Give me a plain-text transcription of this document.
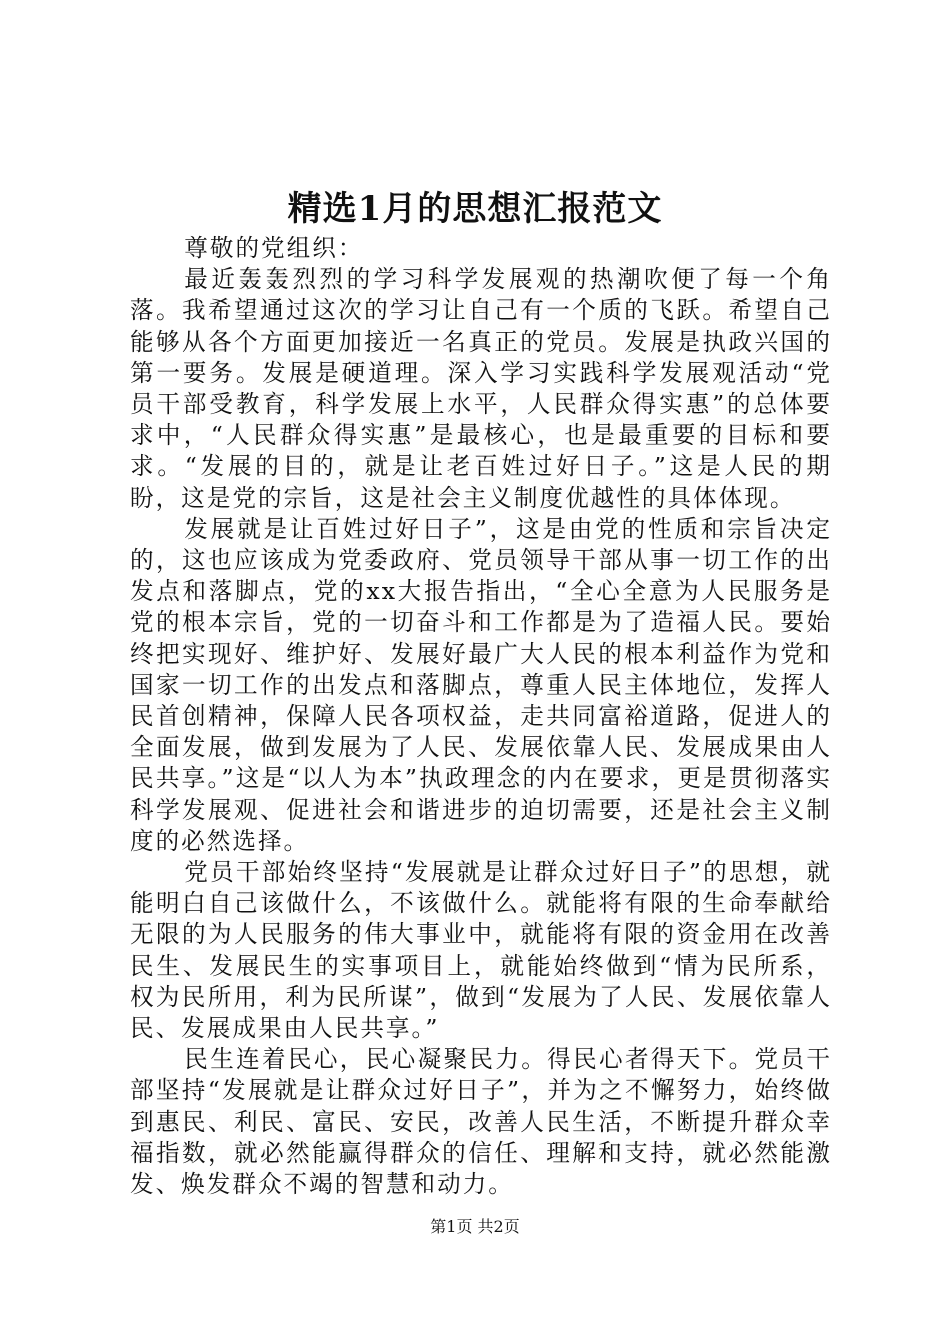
精选1月的思想汇报范文

尊敬的党组织：

最近轰轰烈烈的学习科学发展观的热潮吹便了每一个角落。我希望通过这次的学习让自己有一个质的飞跃。希望自己能够从各个方面更加接近一名真正的党员。发展是执政兴国的第一要务。发展是硬道理。深入学习实践科学发展观活动“党员干部受教育，科学发展上水平，人民群众得实惠”的总体要求中，“人民群众得实惠”是最核心，也是最重要的目标和要求。“发展的目的，就是让老百姓过好日子。”这是人民的期盼，这是党的宗旨，这是社会主义制度优越性的具体体现。

发展就是让百姓过好日子”，这是由党的性质和宗旨决定的，这也应该成为党委政府、党员领导干部从事一切工作的出发点和落脚点，党的xx大报告指出，“全心全意为人民服务是党的根本宗旨，党的一切奋斗和工作都是为了造福人民。要始终把实现好、维护好、发展好最广大人民的根本利益作为党和国家一切工作的出发点和落脚点，尊重人民主体地位，发挥人民首创精神，保障人民各项权益，走共同富裕道路，促进人的全面发展，做到发展为了人民、发展依靠人民、发展成果由人民共享。”这是“以人为本”执政理念的内在要求，更是贯彻落实科学发展观、促进社会和谐进步的迫切需要，还是社会主义制度的必然选择。

党员干部始终坚持“发展就是让群众过好日子”的思想，就能明白自己该做什么，不该做什么。就能将有限的生命奉献给无限的为人民服务的伟大事业中，就能将有限的资金用在改善民生、发展民生的实事项目上，就能始终做到“情为民所系，权为民所用，利为民所谋”，做到“发展为了人民、发展依靠人民、发展成果由人民共享。”

民生连着民心，民心凝聚民力。得民心者得天下。党员干部坚持“发展就是让群众过好日子”，并为之不懈努力，始终做到惠民、利民、富民、安民，改善人民生活，不断提升群众幸福指数，就必然能赢得群众的信任、理解和支持，就必然能激发、焕发群众不竭的智慧和动力。

第1页 共2页
